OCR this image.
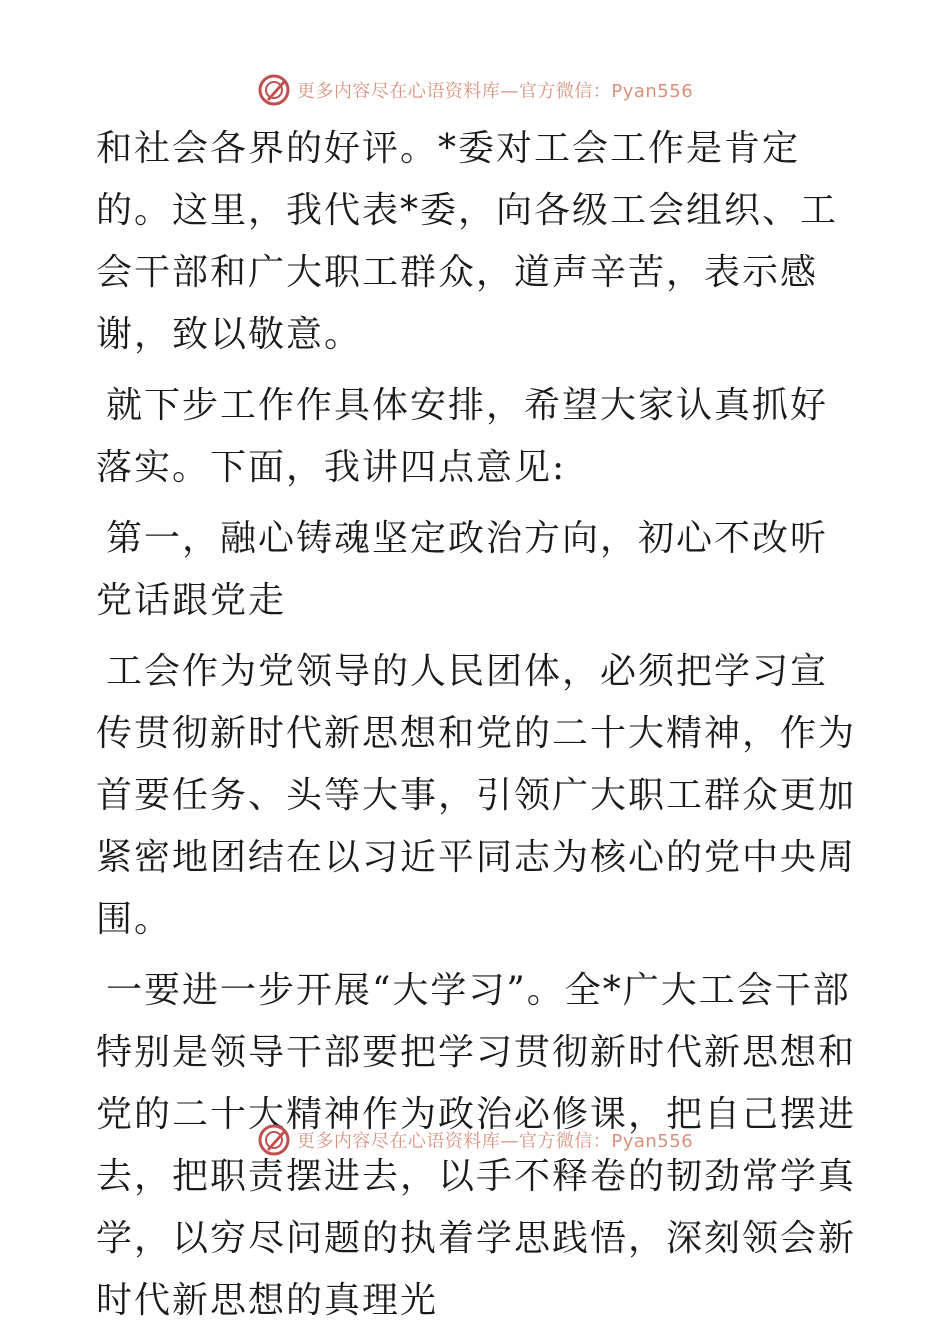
更多内容尽在心语资料库—官方微信：Pyan556

和社会各界的好评。*委对工会工作是肯定的。这里，我代表*委，向各级工会组织、工会干部和广大职工群众，道声辛苦，表示感谢，致以敬意。

就下步工作作具体安排，希望大家认真抓好落实。下面，我讲四点意见:

第一，融心铸魂坚定政治方向，初心不改听党话跟党走

工会作为党领导的人民团体，必须把学习宣传贯彻新时代新思想和党的二十大精神，作为首要任务、头等大事，引领广大职工群众更加紧密地团结在以习近平同志为核心的党中央周围。

一要进一步开展“大学习”。全*广大工会干部特别是领导干部要把学习贯彻新时代新思想和党的二十大精神作为政治必修课，把自己摆进去，把职责摆进去，以手不释卷的韧劲常学真学，以穷尽问题的执着学思践悟，深刻领会新时代新思想的真理光

更多内容尽在心语资料库—官方微信：Pyan556
